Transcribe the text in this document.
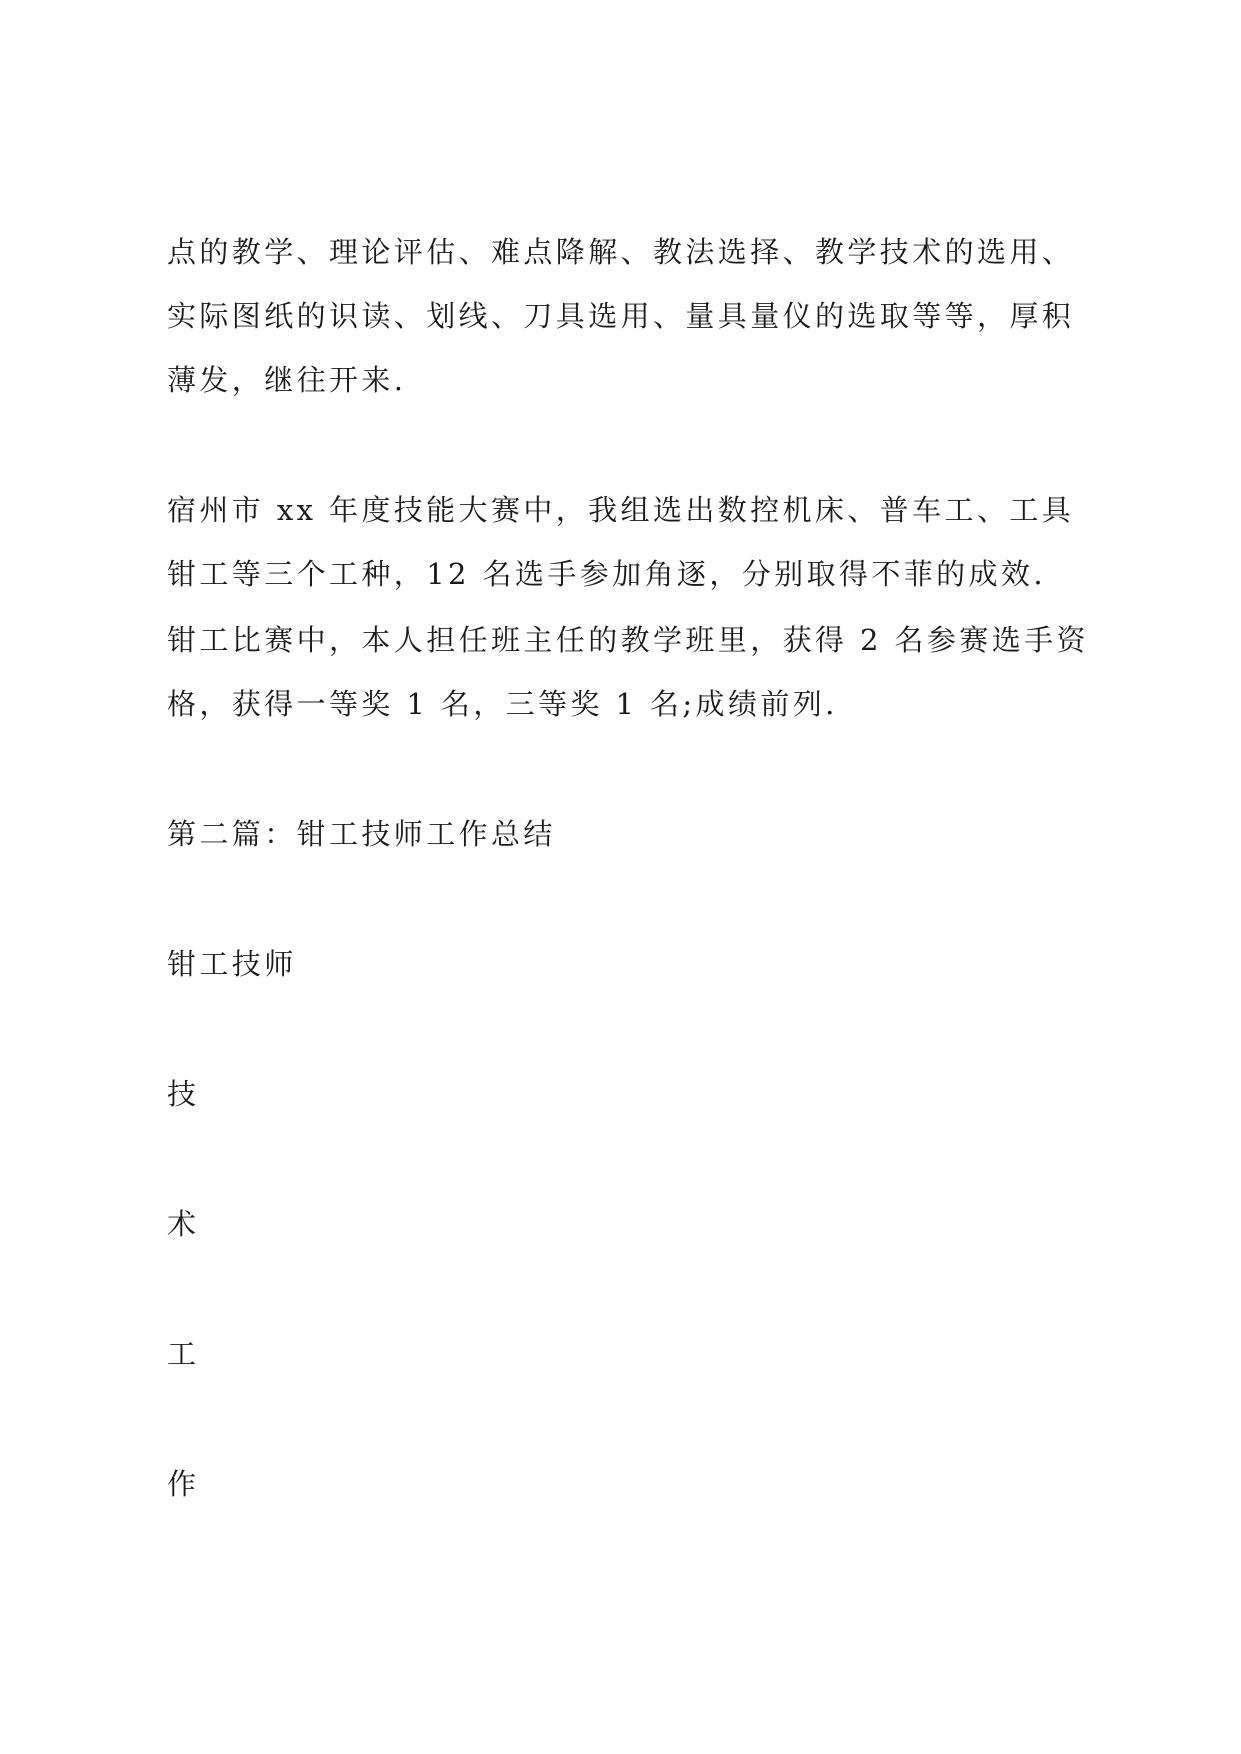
点的教学、理论评估、难点降解、教法选择、教学技术的选用、

实际图纸的识读、划线、刀具选用、量具量仪的选取等等，厚积

薄发，继往开来.

宿州市 xx 年度技能大赛中，我组选出数控机床、普车工、工具

钳工等三个工种，12 名选手参加角逐，分别取得不菲的成效.

钳工比赛中，本人担任班主任的教学班里，获得 2 名参赛选手资

格，获得一等奖 1 名，三等奖 1 名;成绩前列.

第二篇：钳工技师工作总结

钳工技师

技

术

工

作
